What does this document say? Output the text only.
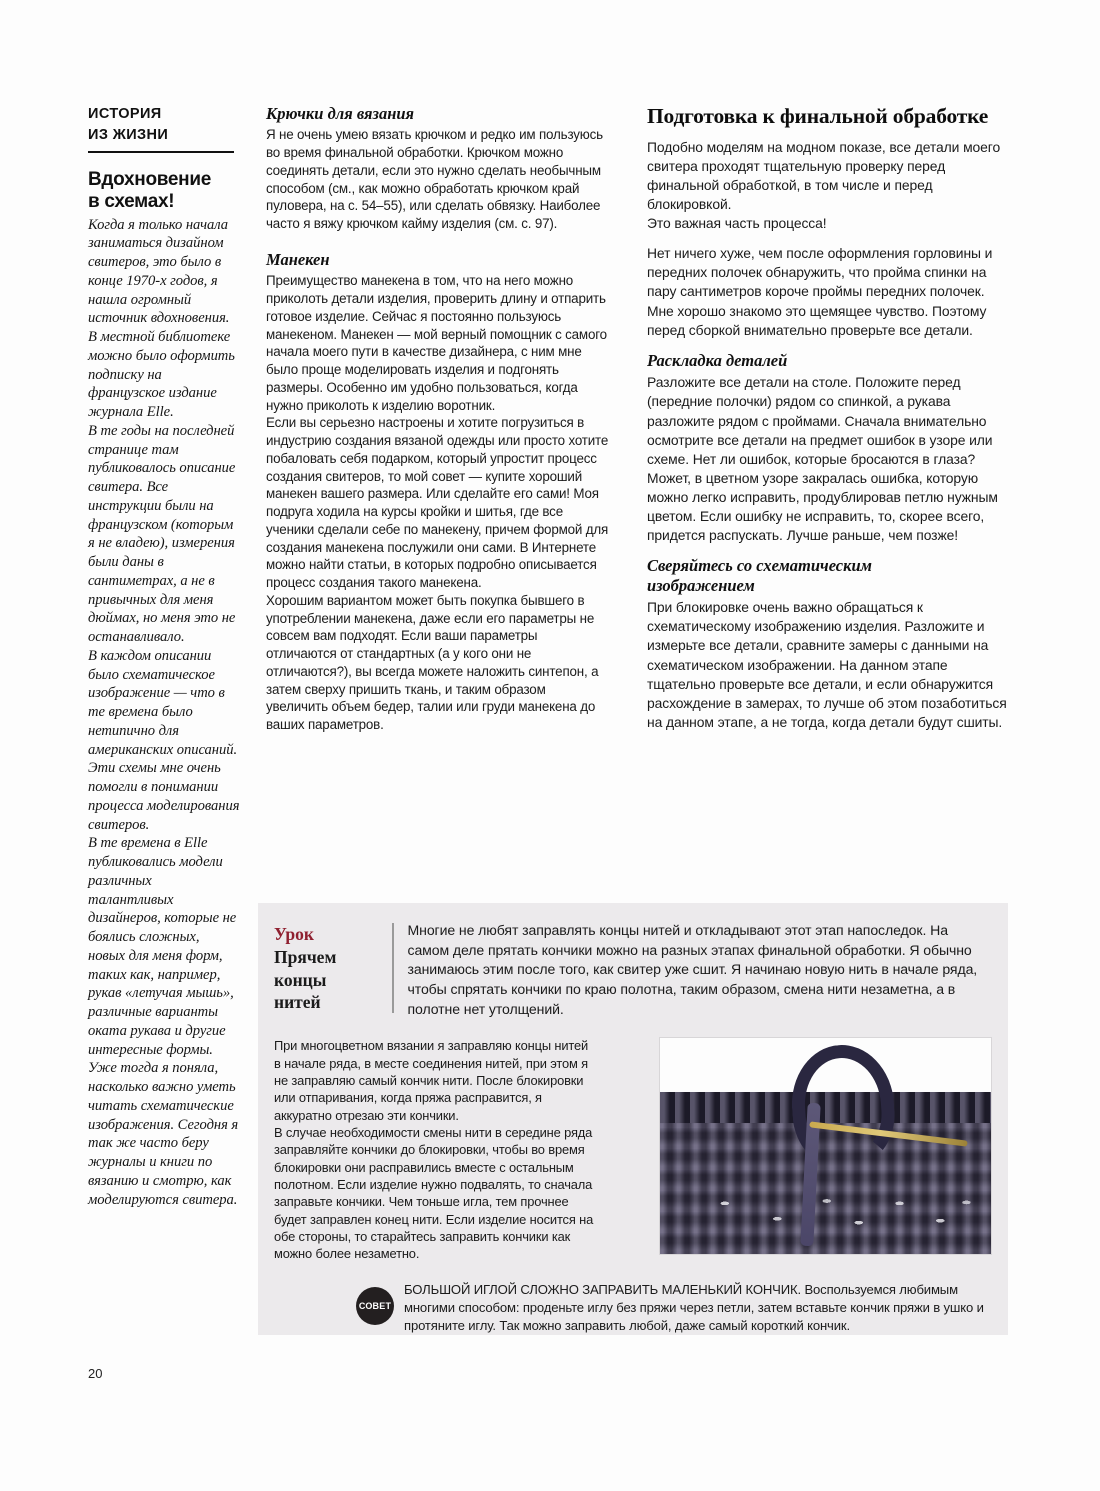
ИСТОРИЯ
ИЗ ЖИЗНИ
Вдохновение
в схемах!

Когда я только начала заниматься дизайном свитеров, это было в конце 1970-х годов, я нашла огромный источник вдохновения. В местной библиотеке можно было оформить подписку на французское издание журнала Elle.

В те годы на последней странице там публиковалось описание свитера. Все инструкции были на французском (которым я не владею), измерения были даны в сантиметрах, а не в привычных для меня дюймах, но меня это не останавливало.

В каждом описании было схематическое изображение — что в те времена было нетипично для американских описаний. Эти схемы мне очень помогли в понимании процесса моделирования свитеров.

В те времена в Elle публиковались модели различных талантливых дизайнеров, которые не боялись сложных, новых для меня форм, таких как, например, рукав «летучая мышь», различные варианты оката рукава и другие интересные формы. Уже тогда я поняла, насколько важно уметь читать схематические изображения. Сегодня я так же часто беру журналы и книги по вязанию и смотрю, как моделируются свитера.

Крючки для вязания

Я не очень умею вязать крючком и редко им пользуюсь во время финальной обработки. Крючком можно соединять детали, если это нужно сделать необычным способом (см., как можно обработать крючком край пуловера, на с. 54–55), или сделать обвязку. Наиболее часто я вяжу крючком кайму изделия (см. с. 97).

Манекен

Преимущество манекена в том, что на него можно приколоть детали изделия, проверить длину и отпарить готовое изделие. Сейчас я постоянно пользуюсь манекеном. Манекен — мой верный помощник с самого начала моего пути в качестве дизайнера, с ним мне было проще моделировать изделия и подгонять размеры. Особенно им удобно пользоваться, когда нужно приколоть к изделию воротник.

Если вы серьезно настроены и хотите погрузиться в индустрию создания вязаной одежды или просто хотите побаловать себя подарком, который упростит процесс создания свитеров, то мой совет — купите хороший манекен вашего размера. Или сделайте его сами! Моя подруга ходила на курсы кройки и шитья, где все ученики сделали себе по манекену, причем формой для создания манекена послужили они сами. В Интернете можно найти статьи, в которых подробно описывается процесс создания такого манекена.

Хорошим вариантом может быть покупка бывшего в употреблении манекена, даже если его параметры не совсем вам подходят. Если ваши параметры отличаются от стандартных (а у кого они не отличаются?), вы всегда можете наложить синтепон, а затем сверху пришить ткань, и таким образом увеличить объем бедер, талии или груди манекена до ваших параметров.

Подготовка к финальной обработке

Подобно моделям на модном показе, все детали моего свитера проходят тщательную проверку перед финальной обработкой, в том числе и перед блокировкой.
Это важная часть процесса!

Нет ничего хуже, чем после оформления горловины и передних полочек обнаружить, что пройма спинки на пару сантиметров короче проймы передних полочек. Мне хорошо знакомо это щемящее чувство. Поэтому перед сборкой внимательно проверьте все детали.

Раскладка деталей

Разложите все детали на столе. Положите перед (передние полочки) рядом со спинкой, а рукава разложите рядом с проймами. Сначала внимательно осмотрите все детали на предмет ошибок в узоре или схеме. Нет ли ошибок, которые бросаются в глаза? Может, в цветном узоре закралась ошибка, которую можно легко исправить, продублировав петлю нужным цветом. Если ошибку не исправить, то, скорее всего, придется распускать. Лучше раньше, чем позже!

Сверяйтесь со схематическим
изображением

При блокировке очень важно обращаться к схематическому изображению изделия. Разложите и измерьте все детали, сравните замеры с данными на схематическом изображении. На данном этапе тщательно проверьте все детали, и если обнаружится расхождение в замерах, то лучше об этом позаботиться на данном этапе, а не тогда, когда детали будут сшиты.

Урок
Прячем
концы
нитей
Многие не любят заправлять концы нитей и откладывают этот этап напоследок. На самом деле прятать кончики можно на разных этапах финальной обработки. Я обычно занимаюсь этим после того, как свитер уже сшит. Я начинаю новую нить в начале ряда, чтобы спрятать кончики по краю полотна, таким образом, смена нити незаметна, а в полотне нет утолщений.

При многоцветном вязании я заправляю концы нитей в начале ряда, в месте соединения нитей, при этом я не заправляю самый кончик нити. После блокировки или отпаривания, когда пряжа расправится, я аккуратно отрезаю эти кончики.

В случае необходимости смены нити в середине ряда заправляйте кончики до блокировки, чтобы во время блокировки они расправились вместе с остальным полотном. Если изделие нужно подвалять, то сначала заправьте кончики. Чем тоньше игла, тем прочнее будет заправлен конец нити. Если изделие носится на обе стороны, то старайтесь заправить кончики как можно более незаметно.

СОВЕТ
БОЛЬШОЙ ИГЛОЙ СЛОЖНО ЗАПРАВИТЬ МАЛЕНЬКИЙ КОНЧИК. Воспользуемся любимым многими способом: проденьте иглу без пряжи через петли, затем вставьте кончик пряжи в ушко и протяните иглу. Так можно заправить любой, даже самый короткий кончик.
20
